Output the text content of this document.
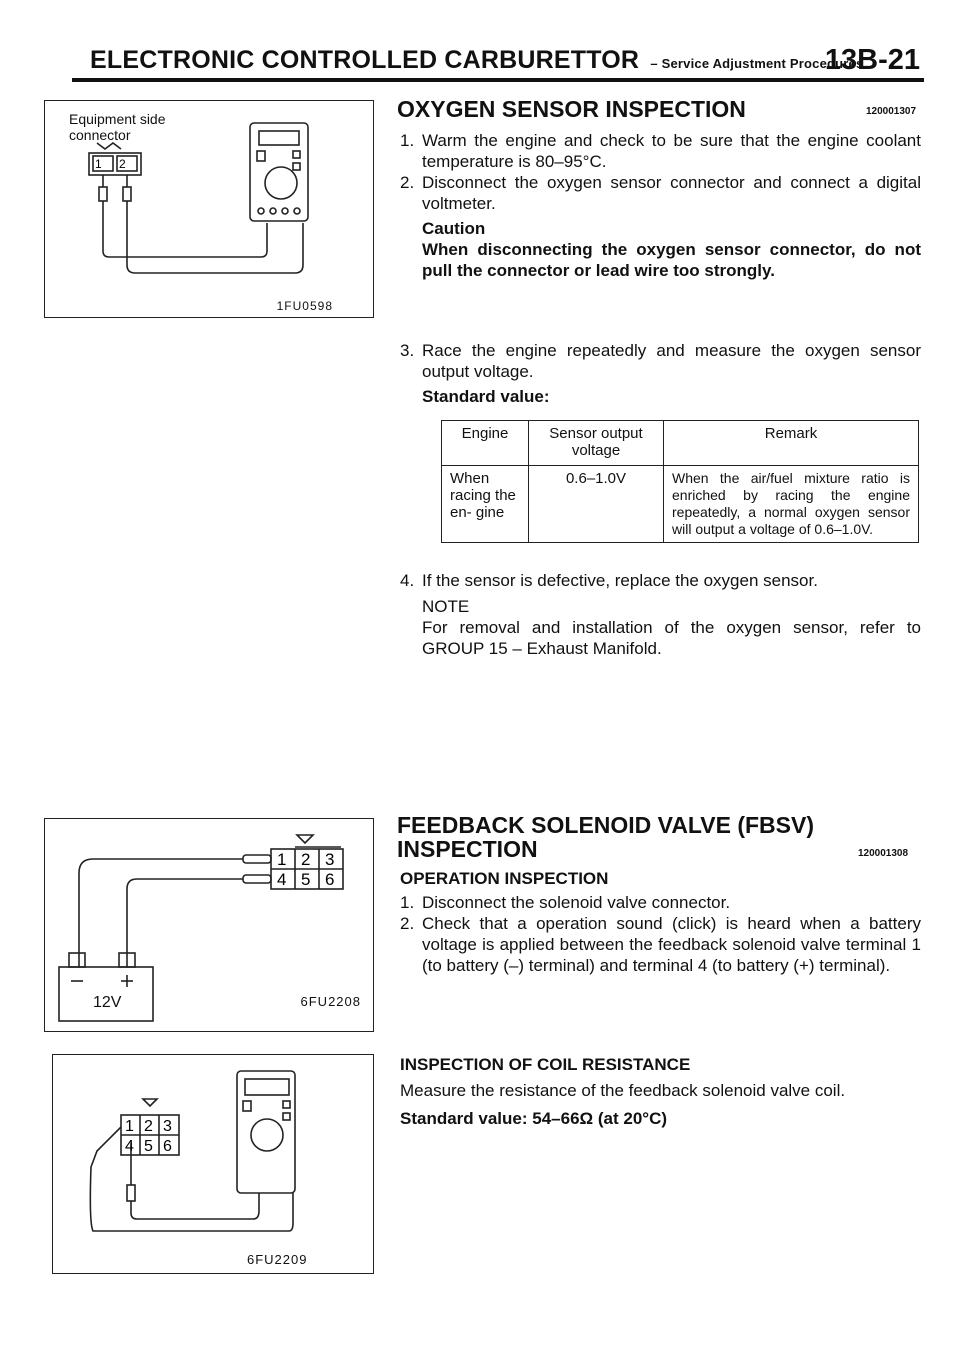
ELECTRONIC CONTROLLED CARBURETTOR – Service Adjustment Procedures
13B-21
Equipment side
connector
1 2
1FU0598
OXYGEN SENSOR INSPECTION	120001307
1. Warm the engine and check to be sure that the engine coolant temperature is 80–95°C.
2. Disconnect the oxygen sensor connector and connect a digital voltmeter.
Caution
When disconnecting the oxygen sensor connector, do not pull the connector or lead wire too strongly.
3. Race the engine repeatedly and measure the oxygen sensor output voltage.
Standard value:
Engine	Sensor output voltage	Remark
When racing the en- gine	0.6–1.0V	When the air/fuel mixture ratio is enriched by racing the engine repeatedly, a normal oxygen sensor will output a voltage of 0.6–1.0V.
4. If the sensor is defective, replace the oxygen sensor.
NOTE
For removal and installation of the oxygen sensor, refer to GROUP 15 – Exhaust Manifold.
1 2 3
4 5 6
12V	6FU2208
1 2 3
4 5 6
6FU2209
FEEDBACK SOLENOID VALVE (FBSV)
INSPECTION	120001308
OPERATION INSPECTION
1. Disconnect the solenoid valve connector.
2. Check that a operation sound (click) is heard when a battery voltage is applied between the feedback solenoid valve terminal 1 (to battery (–) terminal) and terminal 4 (to battery (+) terminal).
INSPECTION OF COIL RESISTANCE
Measure the resistance of the feedback solenoid valve coil.
Standard value: 54–66Ω (at 20°C)
